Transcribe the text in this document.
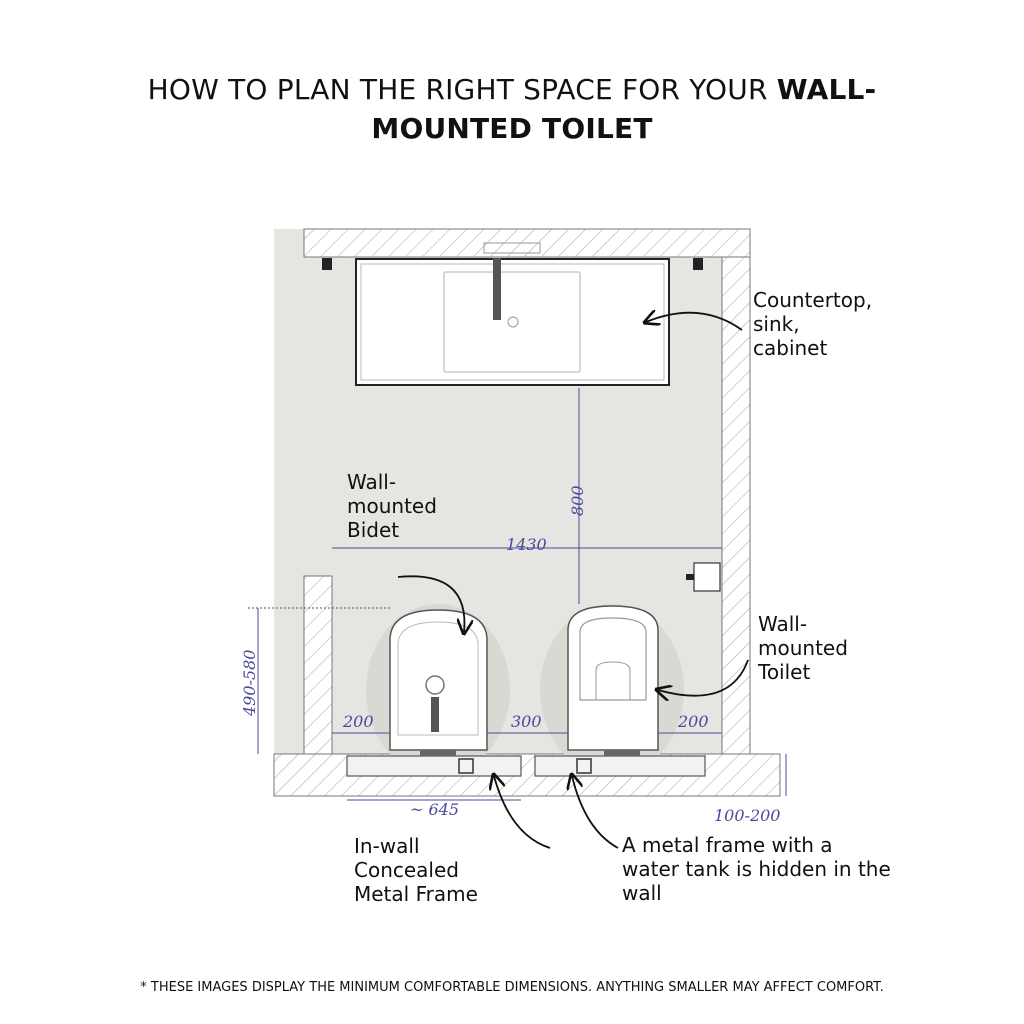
HOW TO PLAN THE RIGHT SPACE FOR YOUR WALL-
MOUNTED TOILET
Countertop,
sink,
cabinet
Wall-
mounted
Bidet
Wall-
mounted
Toilet
In-wall
Concealed
Metal Frame
A metal frame with a
water tank is hidden in the
wall
1430
800
490-580
200	300	200
~ 645	100-200
* THESE IMAGES DISPLAY THE MINIMUM COMFORTABLE DIMENSIONS. ANYTHING SMALLER MAY AFFECT COMFORT.
